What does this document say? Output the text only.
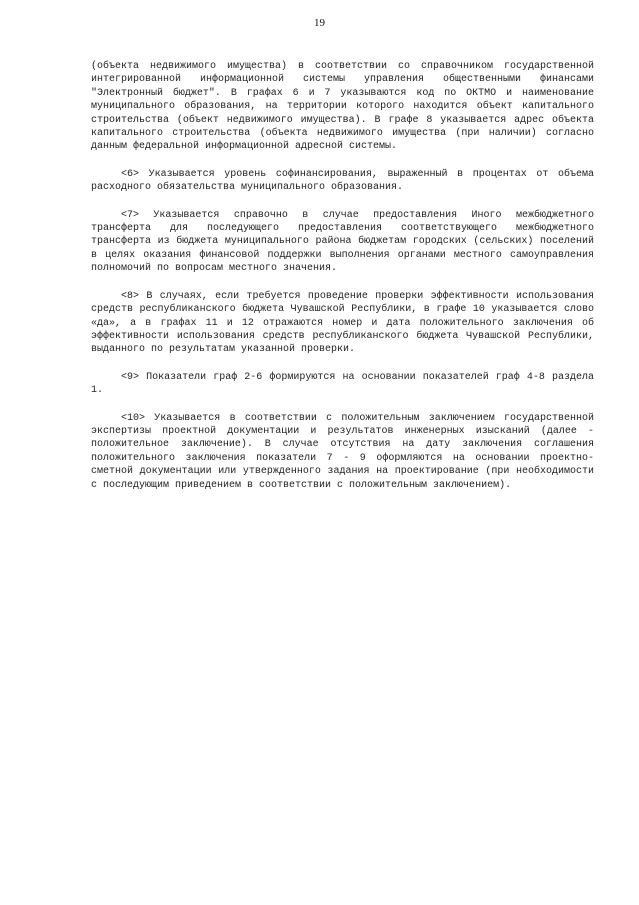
19

(объекта недвижимого имущества) в соответствии со справочником государственной интегрированной информационной системы управления общественными финансами "Электронный бюджет". В графах 6 и 7 указываются код по ОКТМО и наименование муниципального образования, на территории которого находится объект капитального строительства (объект недвижимого имущества). В графе 8 указывается адрес объекта капитального строительства (объекта недвижимого имущества (при наличии) согласно данным федеральной информационной адресной системы.

<6> Указывается уровень софинансирования, выраженный в процентах от объема расходного обязательства муниципального образования.

<7> Указывается справочно в случае предоставления Иного межбюджетного трансферта для последующего предоставления соответствующего межбюджетного трансферта из бюджета муниципального района бюджетам городских (сельских) поселений в целях оказания финансовой поддержки выполнения органами местного самоуправления полномочий по вопросам местного значения.

<8> В случаях, если требуется проведение проверки эффективности использования средств республиканского бюджета Чувашской Республики, в графе 10 указывается слово «да», а в графах 11 и 12 отражаются номер и дата положительного заключения об эффективности использования средств республиканского бюджета Чувашской Республики, выданного по результатам указанной проверки.

<9> Показатели граф 2-6 формируются на основании показателей граф 4-8 раздела 1.

<10> Указывается в соответствии с положительным заключением государственной экспертизы проектной документации и результатов инженерных изысканий (далее - положительное заключение). В случае отсутствия на дату заключения соглашения положительного заключения показатели 7 - 9 оформляются на основании проектно-сметной документации или утвержденного задания на проектирование (при необходимости с последующим приведением в соответствии с положительным заключением).
